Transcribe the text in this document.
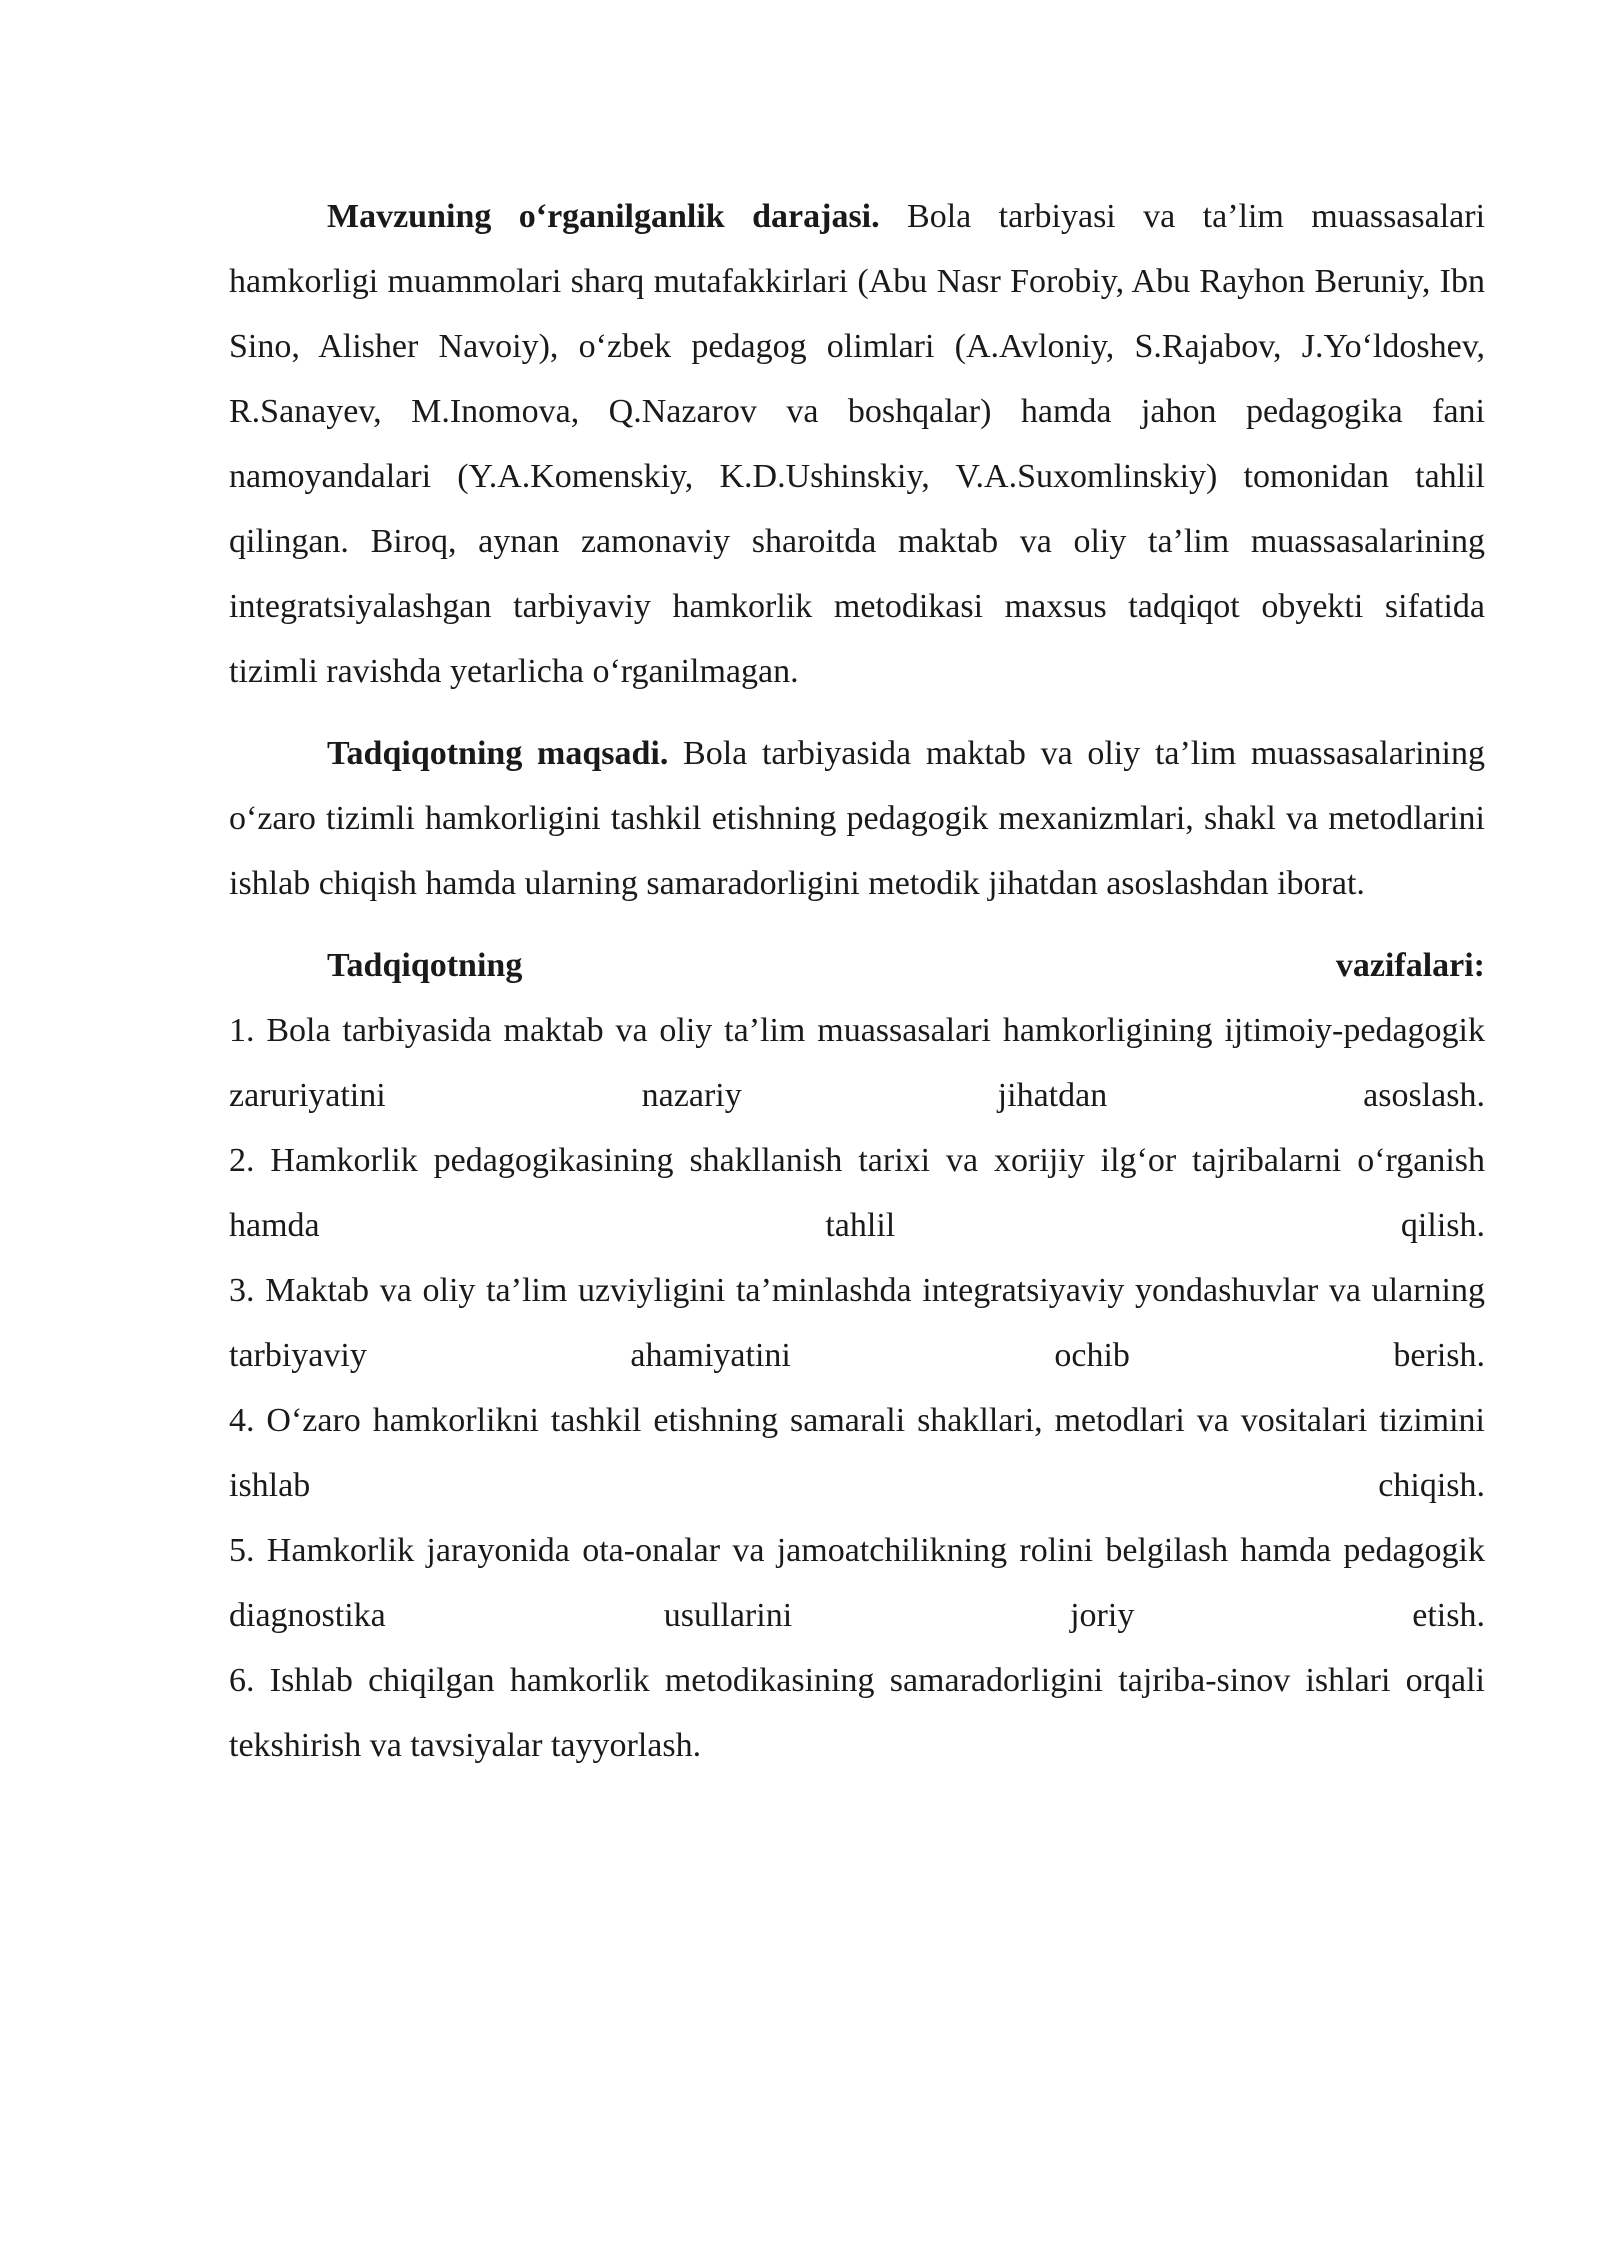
Mavzuning oʻrganilganlik darajasi. Bola tarbiyasi va ta’lim muassasalari hamkorligi muammolari sharq mutafakkirlari (Abu Nasr Forobiy, Abu Rayhon Beruniy, Ibn Sino, Alisher Navoiy), oʻzbek pedagog olimlari (A.Avloniy, S.Rajabov, J.Yoʻldoshev, R.Sanayev, M.Inomova, Q.Nazarov va boshqalar) hamda jahon pedagogika fani namoyandalari (Y.A.Komenskiy, K.D.Ushinskiy, V.A.Suxomlinskiy) tomonidan tahlil qilingan. Biroq, aynan zamonaviy sharoitda maktab va oliy ta’lim muassasalarining integratsiyalashgan tarbiyaviy hamkorlik metodikasi maxsus tadqiqot obyekti sifatida tizimli ravishda yetarlicha oʻrganilmagan.

Tadqiqotning maqsadi. Bola tarbiyasida maktab va oliy ta’lim muassasalarining oʻzaro tizimli hamkorligini tashkil etishning pedagogik mexanizmlari, shakl va metodlarini ishlab chiqish hamda ularning samaradorligini metodik jihatdan asoslashdan iborat.

Tadqiqotning vazifalari:

1. Bola tarbiyasida maktab va oliy ta’lim muassasalari hamkorligining ijtimoiy-pedagogik zaruriyatini nazariy jihatdan asoslash.

2. Hamkorlik pedagogikasining shakllanish tarixi va xorijiy ilgʻor tajribalarni oʻrganish hamda tahlil qilish.

3. Maktab va oliy ta’lim uzviyligini ta’minlashda integratsiyaviy yondashuvlar va ularning tarbiyaviy ahamiyatini ochib berish.

4. Oʻzaro hamkorlikni tashkil etishning samarali shakllari, metodlari va vositalari tizimini ishlab chiqish.

5. Hamkorlik jarayonida ota-onalar va jamoatchilikning rolini belgilash hamda pedagogik diagnostika usullarini joriy etish.

6. Ishlab chiqilgan hamkorlik metodikasining samaradorligini tajriba-sinov ishlari orqali tekshirish va tavsiyalar tayyorlash.
